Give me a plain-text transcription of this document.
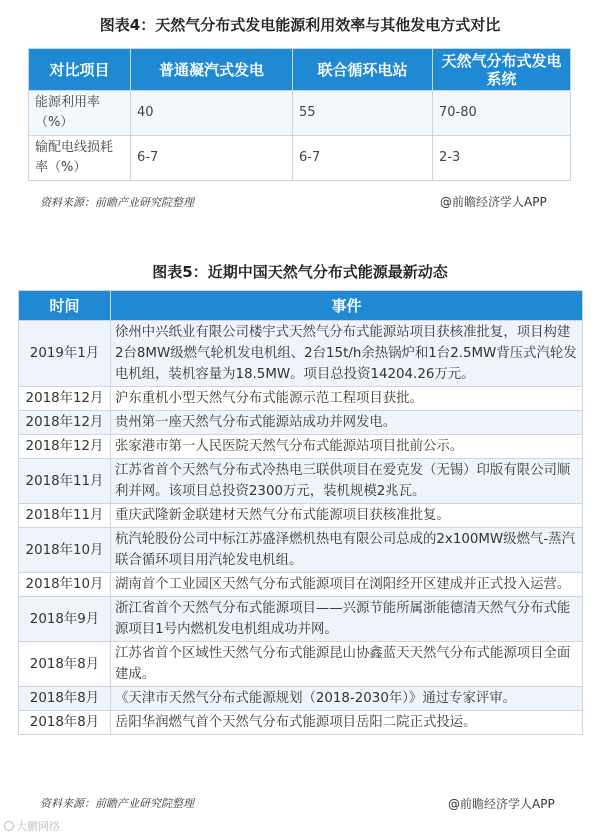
图表4：天然气分布式发电能源利用效率与其他发电方式对比
对比项目	普通凝汽式发电	联合循环电站	天然气分布式发电系统
能源利用率（%）	40	55	70-80
输配电线损耗率（%）	6-7	6-7	2-3
资料来源：前瞻产业研究院整理	@前瞻经济学人APP
图表5：近期中国天然气分布式能源最新动态
时间	事件
2019年1月	徐州中兴纸业有限公司楼宇式天然气分布式能源站项目获核准批复，项目构建2台8MW级燃气轮机发电机组、2台15t/h余热锅炉和1台2.5MW背压式汽轮发电机组，装机容量为18.5MW。项目总投资14204.26万元。
2018年12月	沪东重机小型天然气分布式能源示范工程项目获批。
2018年12月	贵州第一座天然气分布式能源站成功并网发电。
2018年12月	张家港市第一人民医院天然气分布式能源站项目批前公示。
2018年11月	江苏省首个天然气分布式冷热电三联供项目在爱克发（无锡）印版有限公司顺利并网。该项目总投资2300万元，装机规模2兆瓦。
2018年11月	重庆武隆新金联建材天然气分布式能源项目获核准批复。
2018年10月	杭汽轮股份公司中标江苏盛泽燃机热电有限公司总成的2x100MW级燃气-蒸汽联合循环项目用汽轮发电机组。
2018年10月	湖南首个工业园区天然气分布式能源项目在浏阳经开区建成并正式投入运营。
2018年9月	浙江省首个天然气分布式能源项目——兴源节能所属浙能德清天然气分布式能源项目1号内燃机发电机组成功并网。
2018年8月	江苏省首个区域性天然气分布式能源昆山协鑫蓝天天然气分布式能源项目全面建成。
2018年8月	《天津市天然气分布式能源规划（2018-2030年）》通过专家评审。
2018年8月	岳阳华润燃气首个天然气分布式能源项目岳阳二院正式投运。
资料来源：前瞻产业研究院整理	@前瞻经济学人APP
大鹏网络
